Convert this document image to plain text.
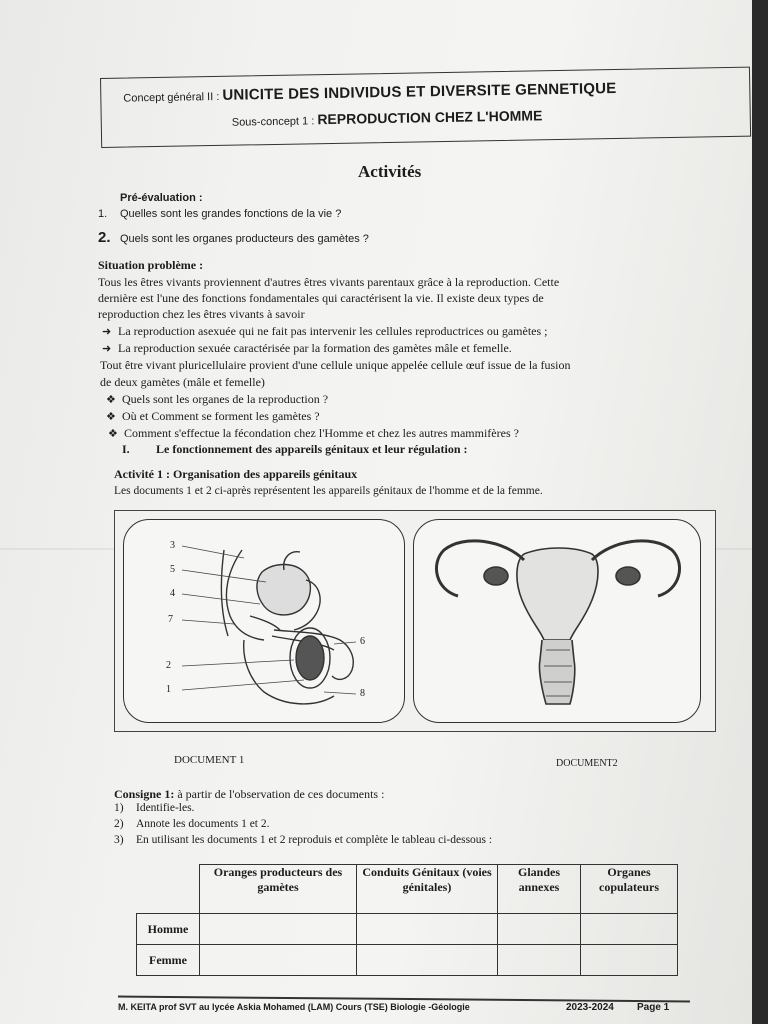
Concept général II : UNICITE DES INDIVIDUS ET DIVERSITE GENNETIQUE
Sous-concept 1 : REPRODUCTION CHEZ L'HOMME
Activités
Pré-évaluation :
1. Quelles sont les grandes fonctions de la vie ?
2. Quels sont les organes producteurs des gamètes ?
Situation problème :
Tous les êtres vivants proviennent d'autres êtres vivants parentaux grâce à la reproduction. Cette
dernière est l'une des fonctions fondamentales qui caractérisent la vie. Il existe deux types de
reproduction chez les êtres vivants à savoir
➜ La reproduction asexuée qui ne fait pas intervenir les cellules reproductrices ou gamètes ;
➜ La reproduction sexuée caractérisée par la formation des gamètes mâle et femelle.
Tout être vivant pluricellulaire provient d'une cellule unique appelée cellule œuf issue de la fusion
de deux gamètes (mâle et femelle)
❖ Quels sont les organes de la reproduction ?
❖ Où et Comment se forment les gamètes ?
❖ Comment s'effectue la fécondation chez l'Homme et chez les autres mammifères ?
I. Le fonctionnement des appareils génitaux et leur régulation :
Activité 1 : Organisation des appareils génitaux
Les documents 1 et 2 ci-après représentent les appareils génitaux de l'homme et de la femme.
3
5
4
7
2
1
6
8
DOCUMENT 1	DOCUMENT2
Consigne 1: à partir de l'observation de ces documents :
1) Identifie-les.
2) Annote les documents 1 et 2.
3) En utilisant les documents 1 et 2 reproduis et complète le tableau ci-dessous :
	Oranges producteurs des gamètes	Conduits Génitaux (voies génitales)	Glandes annexes	Organes copulateurs
Homme				
Femme				
M. KEITA prof SVT au lycée Askia Mohamed (LAM) Cours (TSE) Biologie -Géologie	2023-2024 Page 1
